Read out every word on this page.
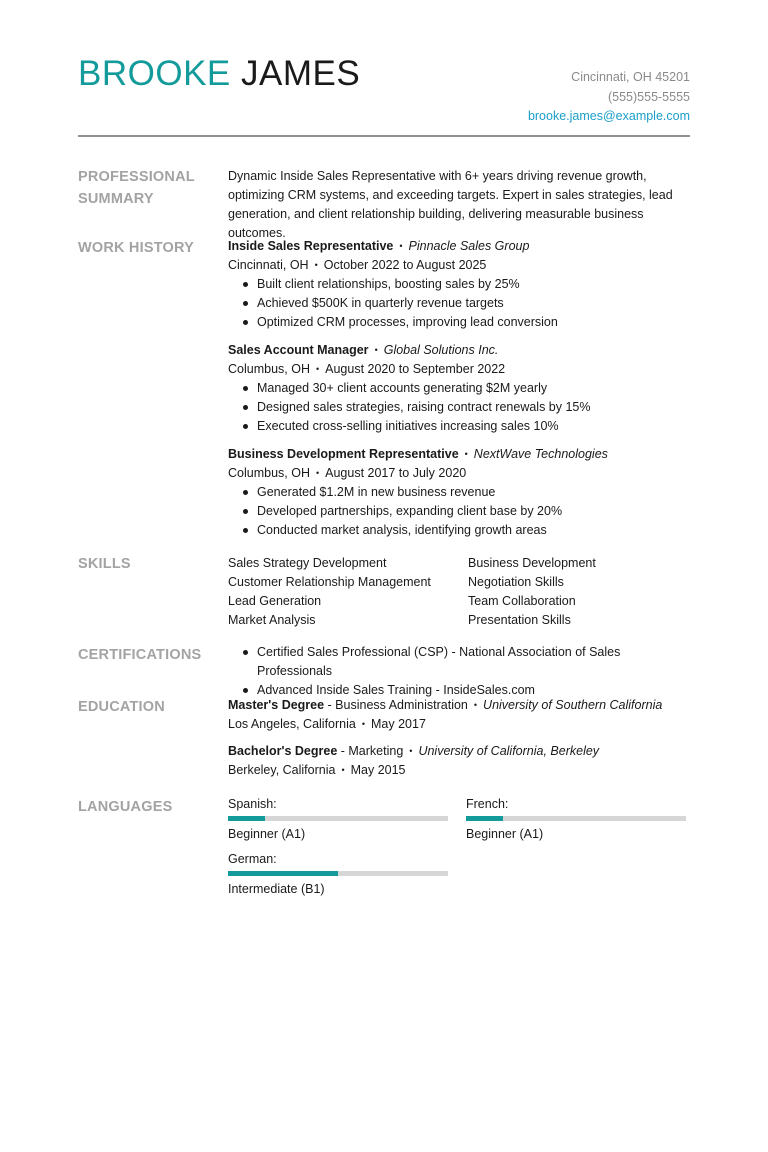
BROOKE JAMES	Cincinnati, OH 45201
(555)555-5555
brooke.james@example.com
PROFESSIONAL
SUMMARY

Dynamic Inside Sales Representative with 6+ years driving revenue growth, optimizing CRM systems, and exceeding targets. Expert in sales strategies, lead generation, and client relationship building, delivering measurable business outcomes.

WORK HISTORY	Inside Sales Representative • Pinnacle Sales Group
Cincinnati, OH • October 2022 to August 2025
Built client relationships, boosting sales by 25%
Achieved $500K in quarterly revenue targets
Optimized CRM processes, improving lead conversion
Sales Account Manager • Global Solutions Inc.
Columbus, OH • August 2020 to September 2022
Managed 30+ client accounts generating $2M yearly
Designed sales strategies, raising contract renewals by 15%
Executed cross-selling initiatives increasing sales 10%
Business Development Representative • NextWave Technologies
Columbus, OH • August 2017 to July 2020
Generated $1.2M in new business revenue
Developed partnerships, expanding client base by 20%
Conducted market analysis, identifying growth areas
SKILLS	Sales Strategy Development	Business Development
Customer Relationship Management	Negotiation Skills
Lead Generation	Team Collaboration
Market Analysis	Presentation Skills
CERTIFICATIONS	Certified Sales Professional (CSP) - National Association of Sales Professionals
Advanced Inside Sales Training - InsideSales.com
EDUCATION	Master's Degree - Business Administration • University of Southern California
Los Angeles, California • May 2017
Bachelor's Degree - Marketing • University of California, Berkeley
Berkeley, California • May 2015
LANGUAGES	Spanish:
Beginner (A1)
French:
Beginner (A1)
German:
Intermediate (B1)
